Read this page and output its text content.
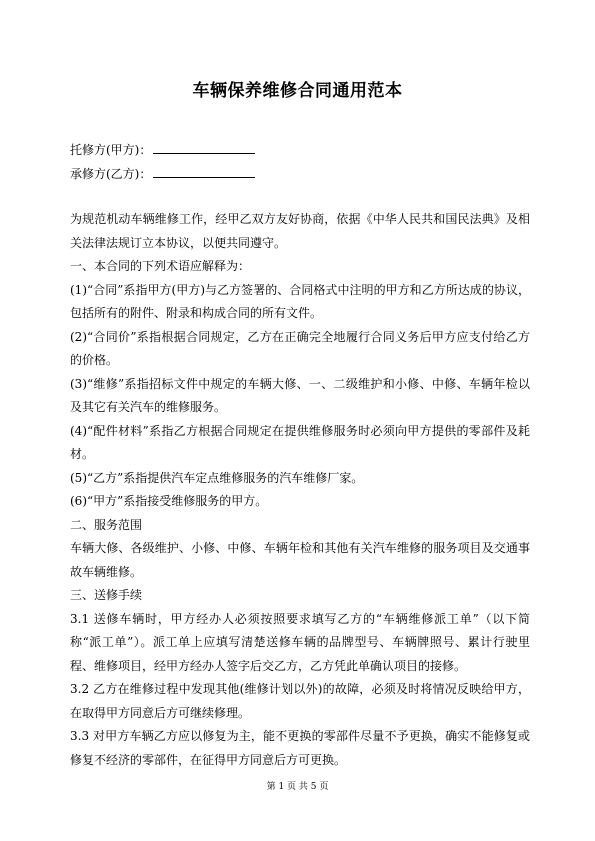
车辆保养维修合同通用范本
托修方(甲方)：
承修方(乙方)：

为规范机动车辆维修工作，经甲乙双方友好协商，依据《中华人民共和国民法典》及相关法律法规订立本协议，以便共同遵守。

一、本合同的下列术语应解释为：

(1)“合同”系指甲方(甲方)与乙方签署的、合同格式中注明的甲方和乙方所达成的协议，包括所有的附件、附录和构成合同的所有文件。

(2)“合同价”系指根据合同规定，乙方在正确完全地履行合同义务后甲方应支付给乙方的价格。

(3)“维修”系指招标文件中规定的车辆大修、一、二级维护和小修、中修、车辆年检以及其它有关汽车的维修服务。

(4)“配件材料”系指乙方根据合同规定在提供维修服务时必须向甲方提供的零部件及耗材。

(5)“乙方”系指提供汽车定点维修服务的汽车维修厂家。

(6)“甲方”系指接受维修服务的甲方。

二、服务范围

车辆大修、各级维护、小修、中修、车辆年检和其他有关汽车维修的服务项目及交通事故车辆维修。

三、送修手续

3.1 送修车辆时，甲方经办人必须按照要求填写乙方的“车辆维修派工单”（以下简称“派工单”）。派工单上应填写清楚送修车辆的品牌型号、车辆牌照号、累计行驶里程、维修项目，经甲方经办人签字后交乙方，乙方凭此单确认项目的接修。

3.2 乙方在维修过程中发现其他(维修计划以外)的故障，必须及时将情况反映给甲方，在取得甲方同意后方可继续修理。

3.3 对甲方车辆乙方应以修复为主，能不更换的零部件尽量不予更换，确实不能修复或修复不经济的零部件，在征得甲方同意后方可更换。

第 1 页 共 5 页
